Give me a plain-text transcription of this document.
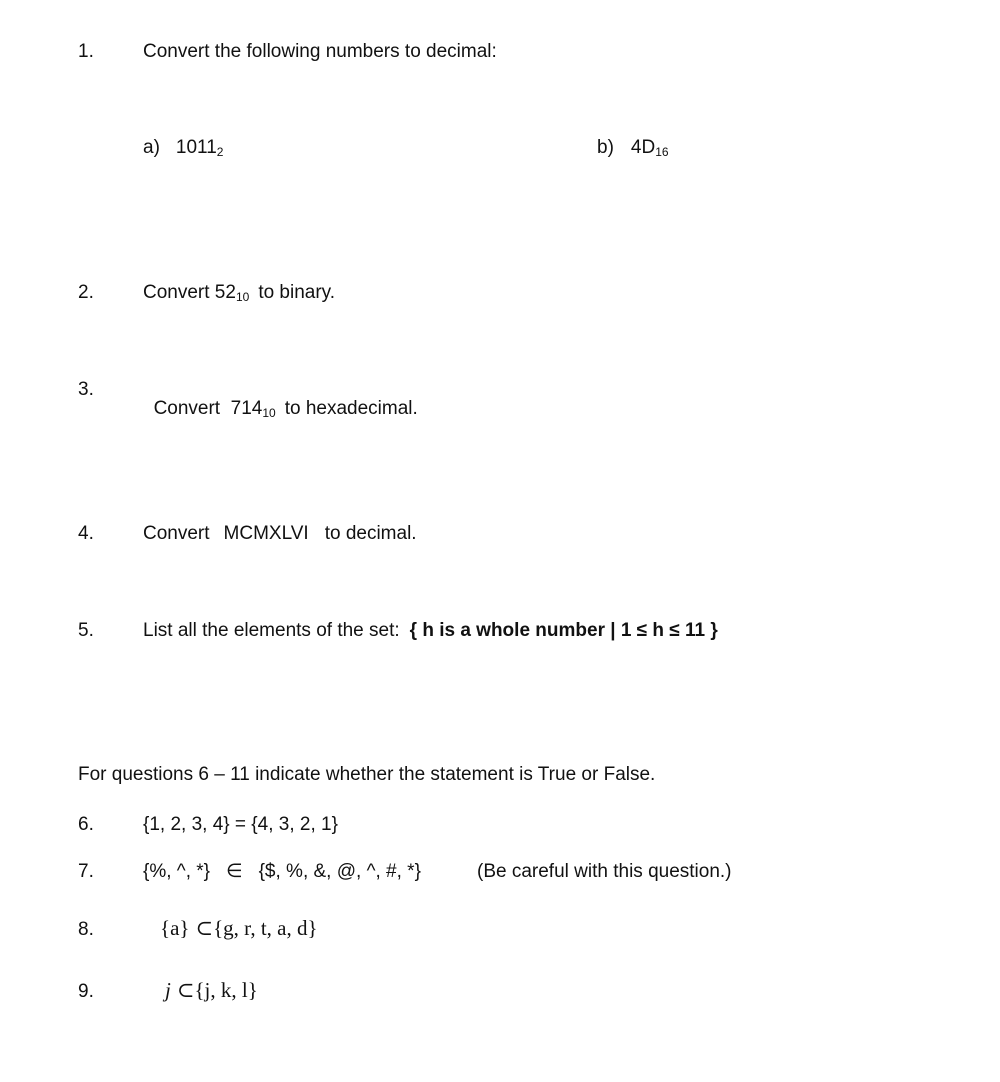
1.	Convert the following numbers to decimal:
a) $1011_2$	b) $4D_{16}$
2.	Convert $52_{10}$ to binary.
3.

Convert  $714_{10}$ to hexadecimal.

4.	Convert MCMXLVI to decimal.
5.	List all the elements of the set: { h is a whole number | 1 ≤ h ≤ 11 }
For questions 6 – 11 indicate whether the statement is True or False.
6.	{1, 2, 3, 4} = {4, 3, 2, 1}
7.	{%, ^, *} ∈ {$, %, &, @, ^, #, *}	(Be careful with this question.)
8.	{a} ⊂{g, r, t, a, d}
9.	j ⊂{j, k, l}
